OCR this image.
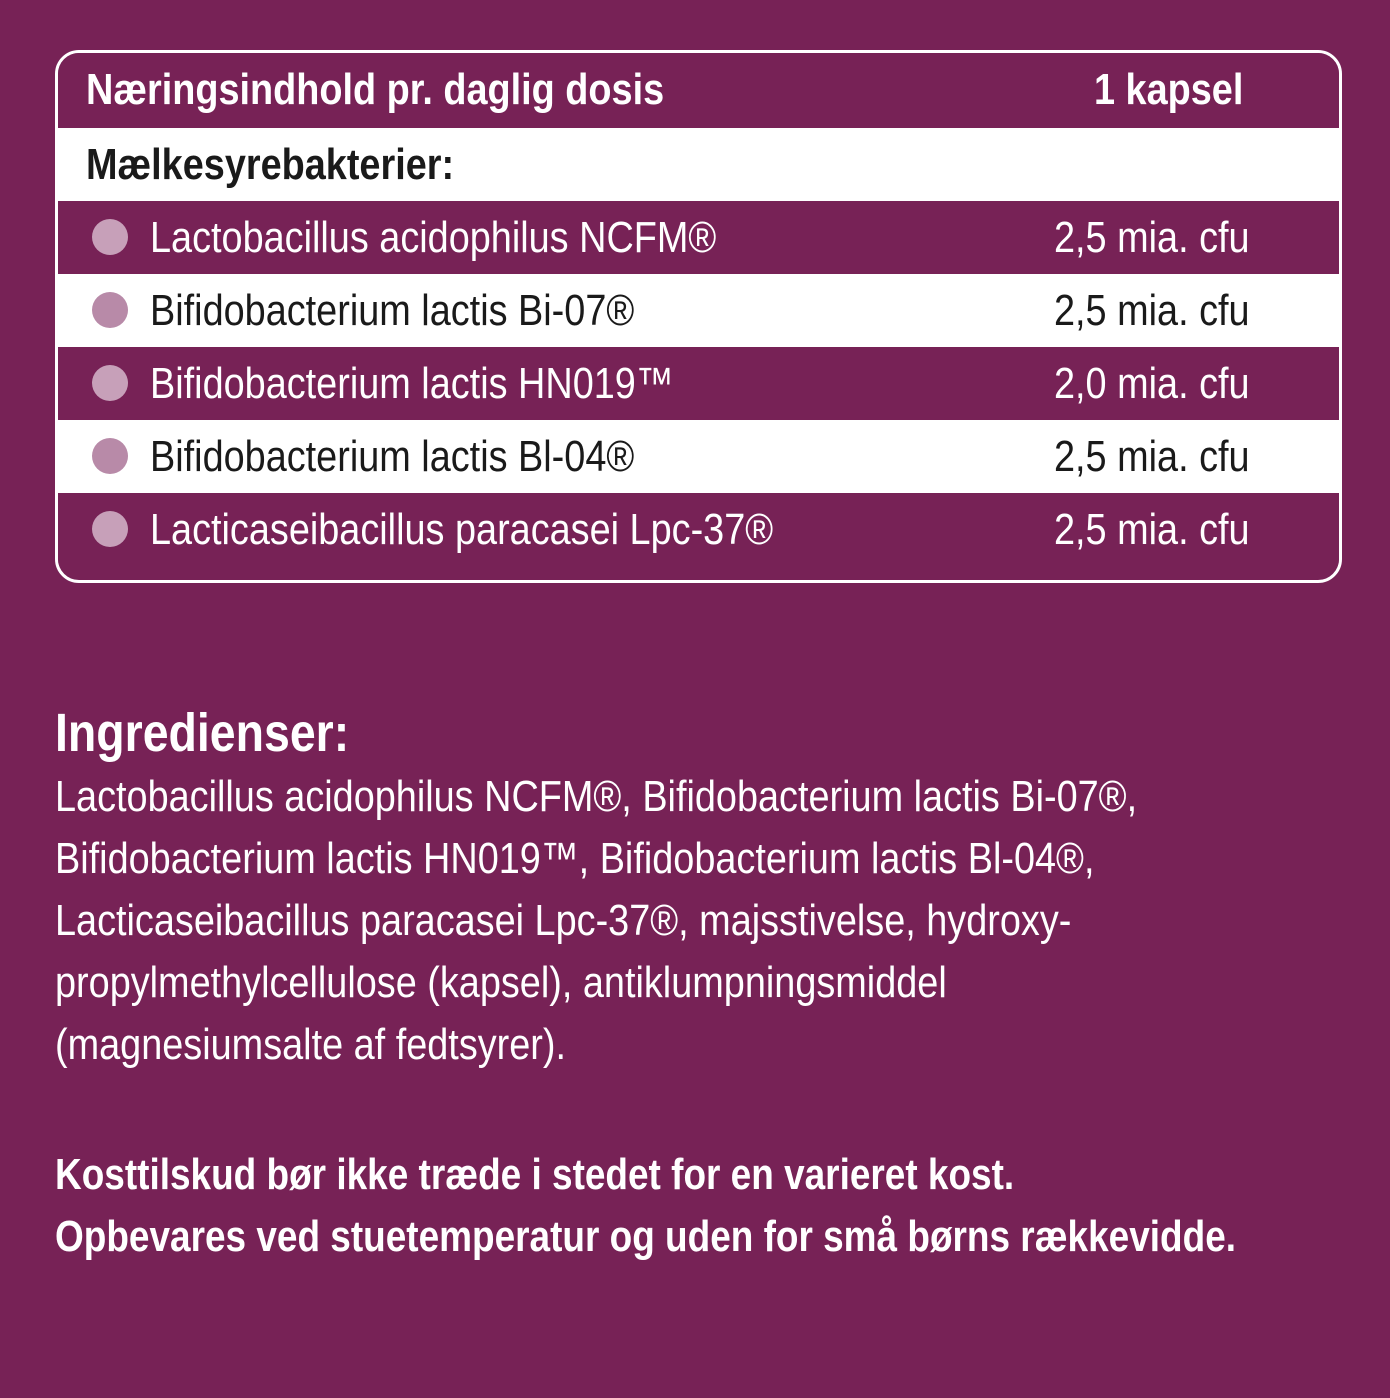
Næringsindhold pr. daglig dosis	1 kapsel
Mælkesyrebakterier:
Lactobacillus acidophilus NCFM®	2,5 mia. cfu
Bifidobacterium lactis Bi-07®	2,5 mia. cfu
Bifidobacterium lactis HN019™	2,0 mia. cfu
Bifidobacterium lactis Bl-04®	2,5 mia. cfu
Lacticaseibacillus paracasei Lpc-37®	2,5 mia. cfu
Ingredienser:
Lactobacillus acidophilus NCFM®, Bifidobacterium lactis Bi-07®,
Bifidobacterium lactis HN019™, Bifidobacterium lactis Bl-04®,
Lacticaseibacillus paracasei Lpc-37®, majsstivelse, hydroxy-
propylmethylcellulose (kapsel), antiklumpningsmiddel
(magnesiumsalte af fedtsyrer).
Kosttilskud bør ikke træde i stedet for en varieret kost.
Opbevares ved stuetemperatur og uden for små børns rækkevidde.
